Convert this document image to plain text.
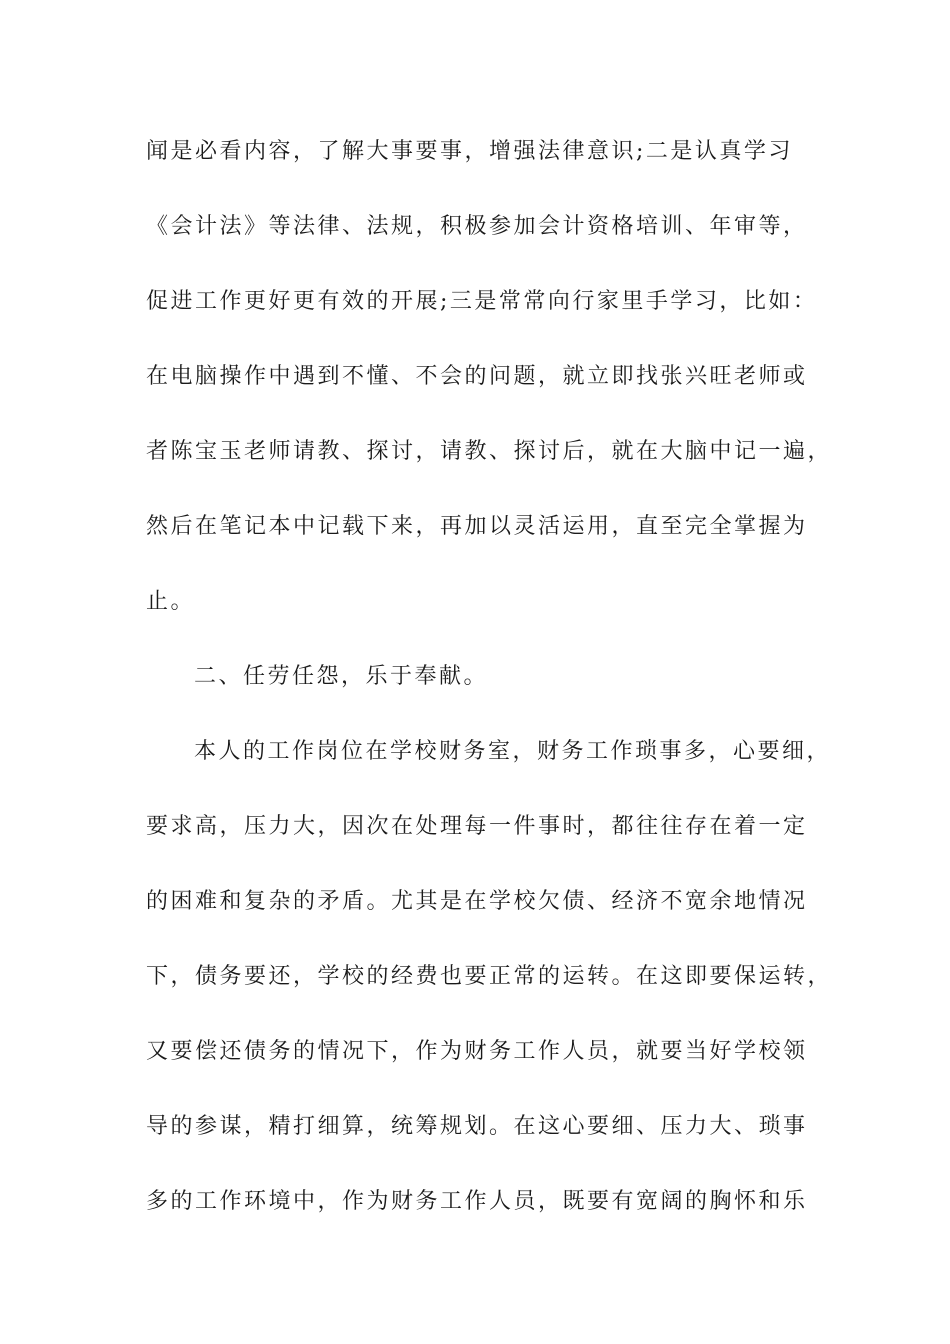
闻是必看内容，了解大事要事，增强法律意识;二是认真学习
《会计法》等法律、法规，积极参加会计资格培训、年审等，
促进工作更好更有效的开展;三是常常向行家里手学习，比如：
在电脑操作中遇到不懂、不会的问题，就立即找张兴旺老师或
者陈宝玉老师请教、探讨，请教、探讨后，就在大脑中记一遍，
然后在笔记本中记载下来，再加以灵活运用，直至完全掌握为
止。
二、任劳任怨，乐于奉献。
本人的工作岗位在学校财务室，财务工作琐事多，心要细，
要求高，压力大，因次在处理每一件事时，都往往存在着一定
的困难和复杂的矛盾。尤其是在学校欠债、经济不宽余地情况
下，债务要还，学校的经费也要正常的运转。在这即要保运转，
又要偿还债务的情况下，作为财务工作人员，就要当好学校领
导的参谋，精打细算，统筹规划。在这心要细、压力大、琐事
多的工作环境中，作为财务工作人员，既要有宽阔的胸怀和乐
